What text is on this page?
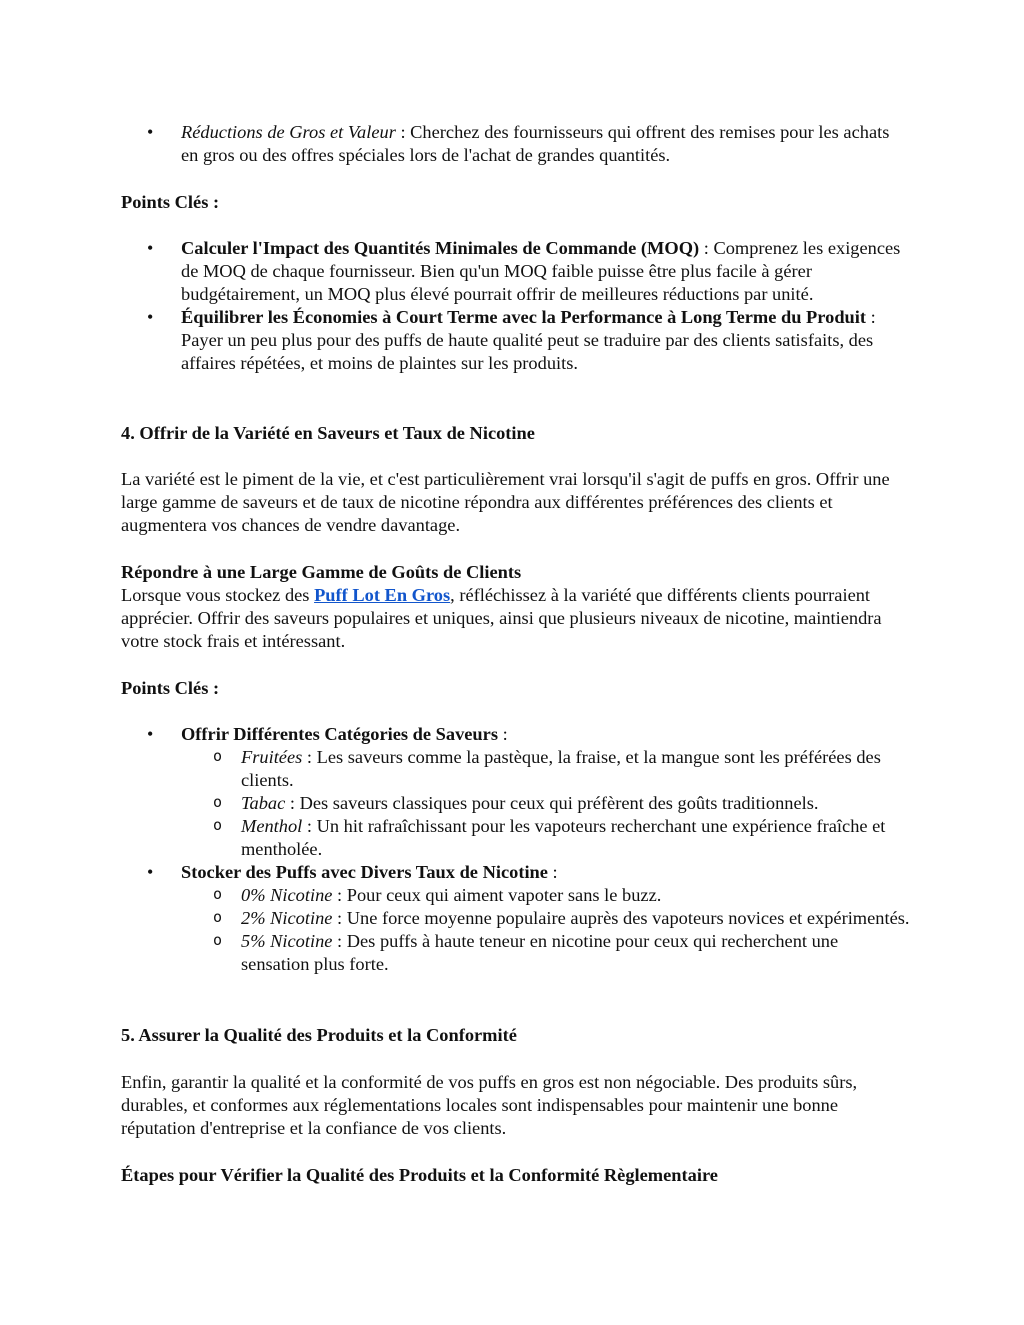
• Réductions de Gros et Valeur : Cherchez des fournisseurs qui offrent des remises pour les achats en gros ou des offres spéciales lors de l'achat de grandes quantités.
Points Clés :
• Calculer l'Impact des Quantités Minimales de Commande (MOQ) : Comprenez les exigences de MOQ de chaque fournisseur. Bien qu'un MOQ faible puisse être plus facile à gérer budgétairement, un MOQ plus élevé pourrait offrir de meilleures réductions par unité.
• Équilibrer les Économies à Court Terme avec la Performance à Long Terme du Produit : Payer un peu plus pour des puffs de haute qualité peut se traduire par des clients satisfaits, des affaires répétées, et moins de plaintes sur les produits.
4. Offrir de la Variété en Saveurs et Taux de Nicotine

La variété est le piment de la vie, et c'est particulièrement vrai lorsqu'il s'agit de puffs en gros. Offrir une large gamme de saveurs et de taux de nicotine répondra aux différentes préférences des clients et augmentera vos chances de vendre davantage.

Répondre à une Large Gamme de Goûts de Clients

Lorsque vous stockez des Puff Lot En Gros, réfléchissez à la variété que différents clients pourraient apprécier. Offrir des saveurs populaires et uniques, ainsi que plusieurs niveaux de nicotine, maintiendra votre stock frais et intéressant.

Points Clés :
• Offrir Différentes Catégories de Saveurs :
o Fruitées : Les saveurs comme la pastèque, la fraise, et la mangue sont les préférées des clients.
o Tabac : Des saveurs classiques pour ceux qui préfèrent des goûts traditionnels.
o Menthol : Un hit rafraîchissant pour les vapoteurs recherchant une expérience fraîche et mentholée.
• Stocker des Puffs avec Divers Taux de Nicotine :
o 0% Nicotine : Pour ceux qui aiment vapoter sans le buzz.
o 2% Nicotine : Une force moyenne populaire auprès des vapoteurs novices et expérimentés.
o 5% Nicotine : Des puffs à haute teneur en nicotine pour ceux qui recherchent une sensation plus forte.
5. Assurer la Qualité des Produits et la Conformité

Enfin, garantir la qualité et la conformité de vos puffs en gros est non négociable. Des produits sûrs, durables, et conformes aux réglementations locales sont indispensables pour maintenir une bonne réputation d'entreprise et la confiance de vos clients.

Étapes pour Vérifier la Qualité des Produits et la Conformité Règlementaire
